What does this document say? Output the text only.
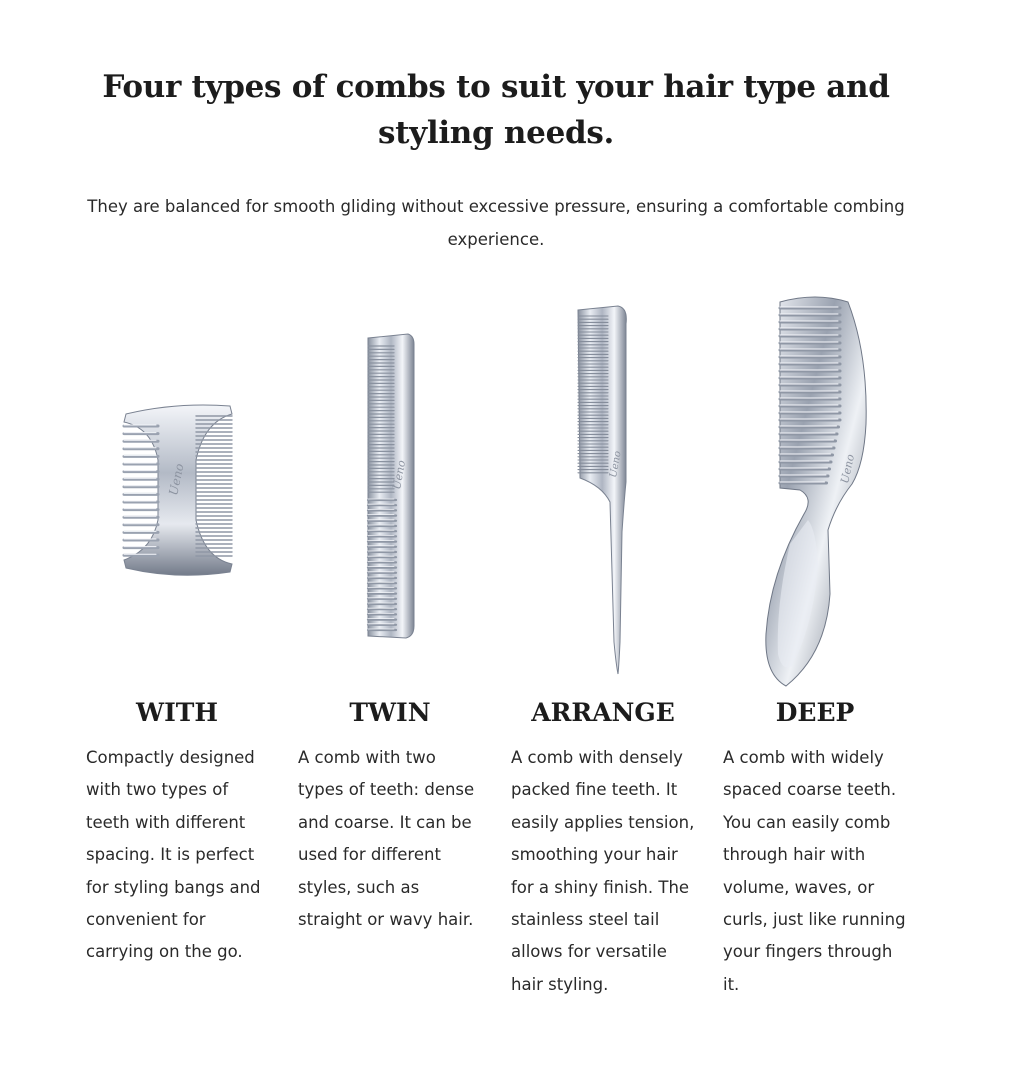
Four types of combs to suit your hair type and styling needs.

They are balanced for smooth gliding without excessive pressure, ensuring a comfortable combing experience.

Ueno	Ueno	Ueno	Ueno
WITH	TWIN	ARRANGE	DEEP

Compactly designed with two types of teeth with different spacing. It is perfect for styling bangs and convenient for carrying on the go.

A comb with two types of teeth: dense and coarse. It can be used for different styles, such as straight or wavy hair.

A comb with densely packed fine teeth. It easily applies tension, smoothing your hair for a shiny finish. The stainless steel tail allows for versatile hair styling.

A comb with widely spaced coarse teeth. You can easily comb through hair with volume, waves, or curls, just like running your fingers through it.
